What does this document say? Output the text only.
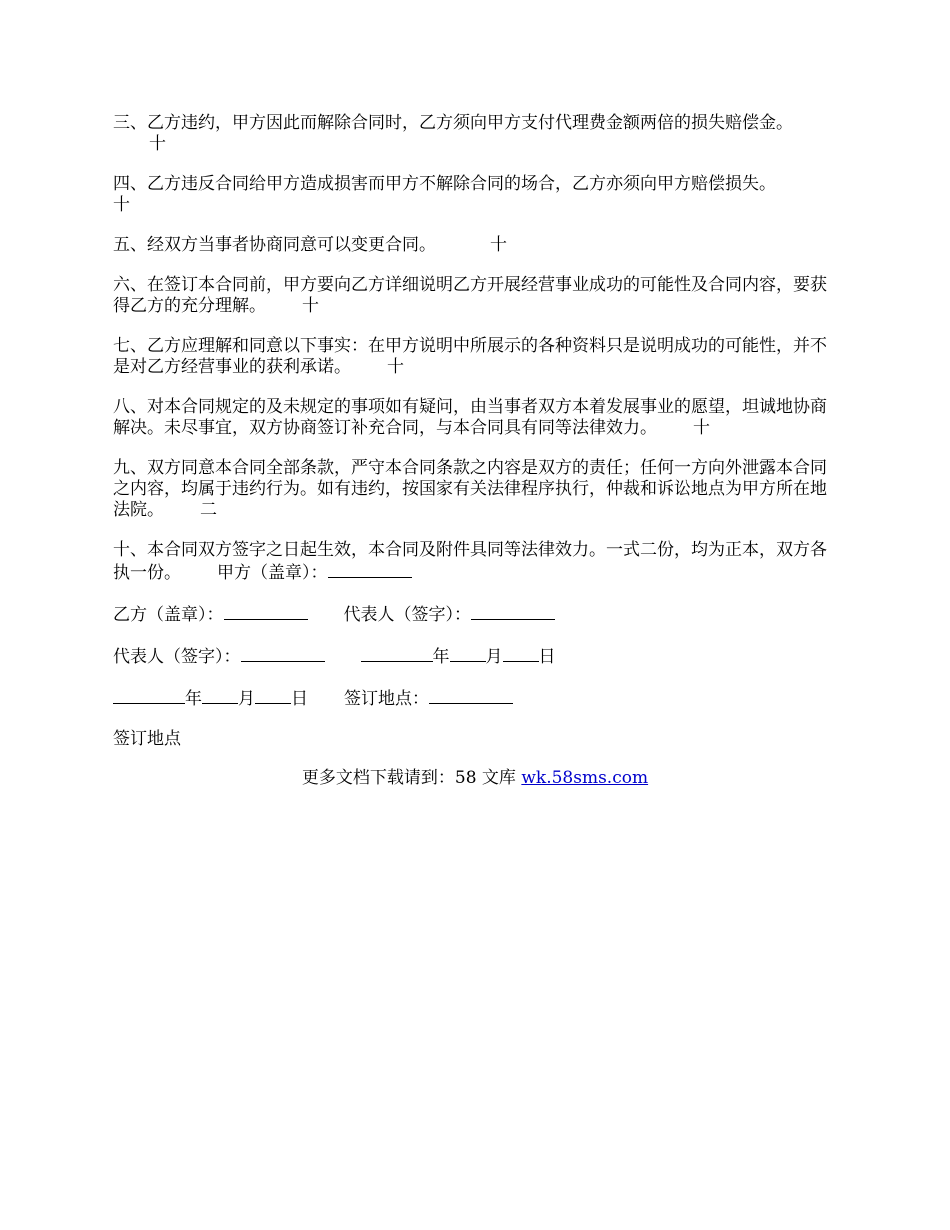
三、乙方违约，甲方因此而解除合同时，乙方须向甲方支付代理费金额两倍的损失赔偿金。
十

四、乙方违反合同给甲方造成损害而甲方不解除合同的场合，乙方亦须向甲方赔偿损失。
十

五、经双方当事者协商同意可以变更合同。	十

六、在签订本合同前，甲方要向乙方详细说明乙方开展经营事业成功的可能性及合同内容，要获得乙方的充分理解。 十

七、乙方应理解和同意以下事实：在甲方说明中所展示的各种资料只是说明成功的可能性，并不是对乙方经营事业的获利承诺。 十

八、对本合同规定的及未规定的事项如有疑问，由当事者双方本着发展事业的愿望，坦诚地协商解决。未尽事宜，双方协商签订补充合同，与本合同具有同等法律效力。 十

九、双方同意本合同全部条款，严守本合同条款之内容是双方的责任；任何一方向外泄露本合同之内容，均属于违约行为。如有违约，按国家有关法律程序执行，仲裁和诉讼地点为甲方所在地法院。 二

十、本合同双方签字之日起生效，本合同及附件具同等法律效力。一式二份，均为正本，双方各执一份。 甲方（盖章）：

乙方（盖章）：	代表人（签字）：

代表人（签字）：	年 月 日

年 月 日 签订地点：

签订地点

更多文档下载请到：58 文库 wk.58sms.com
